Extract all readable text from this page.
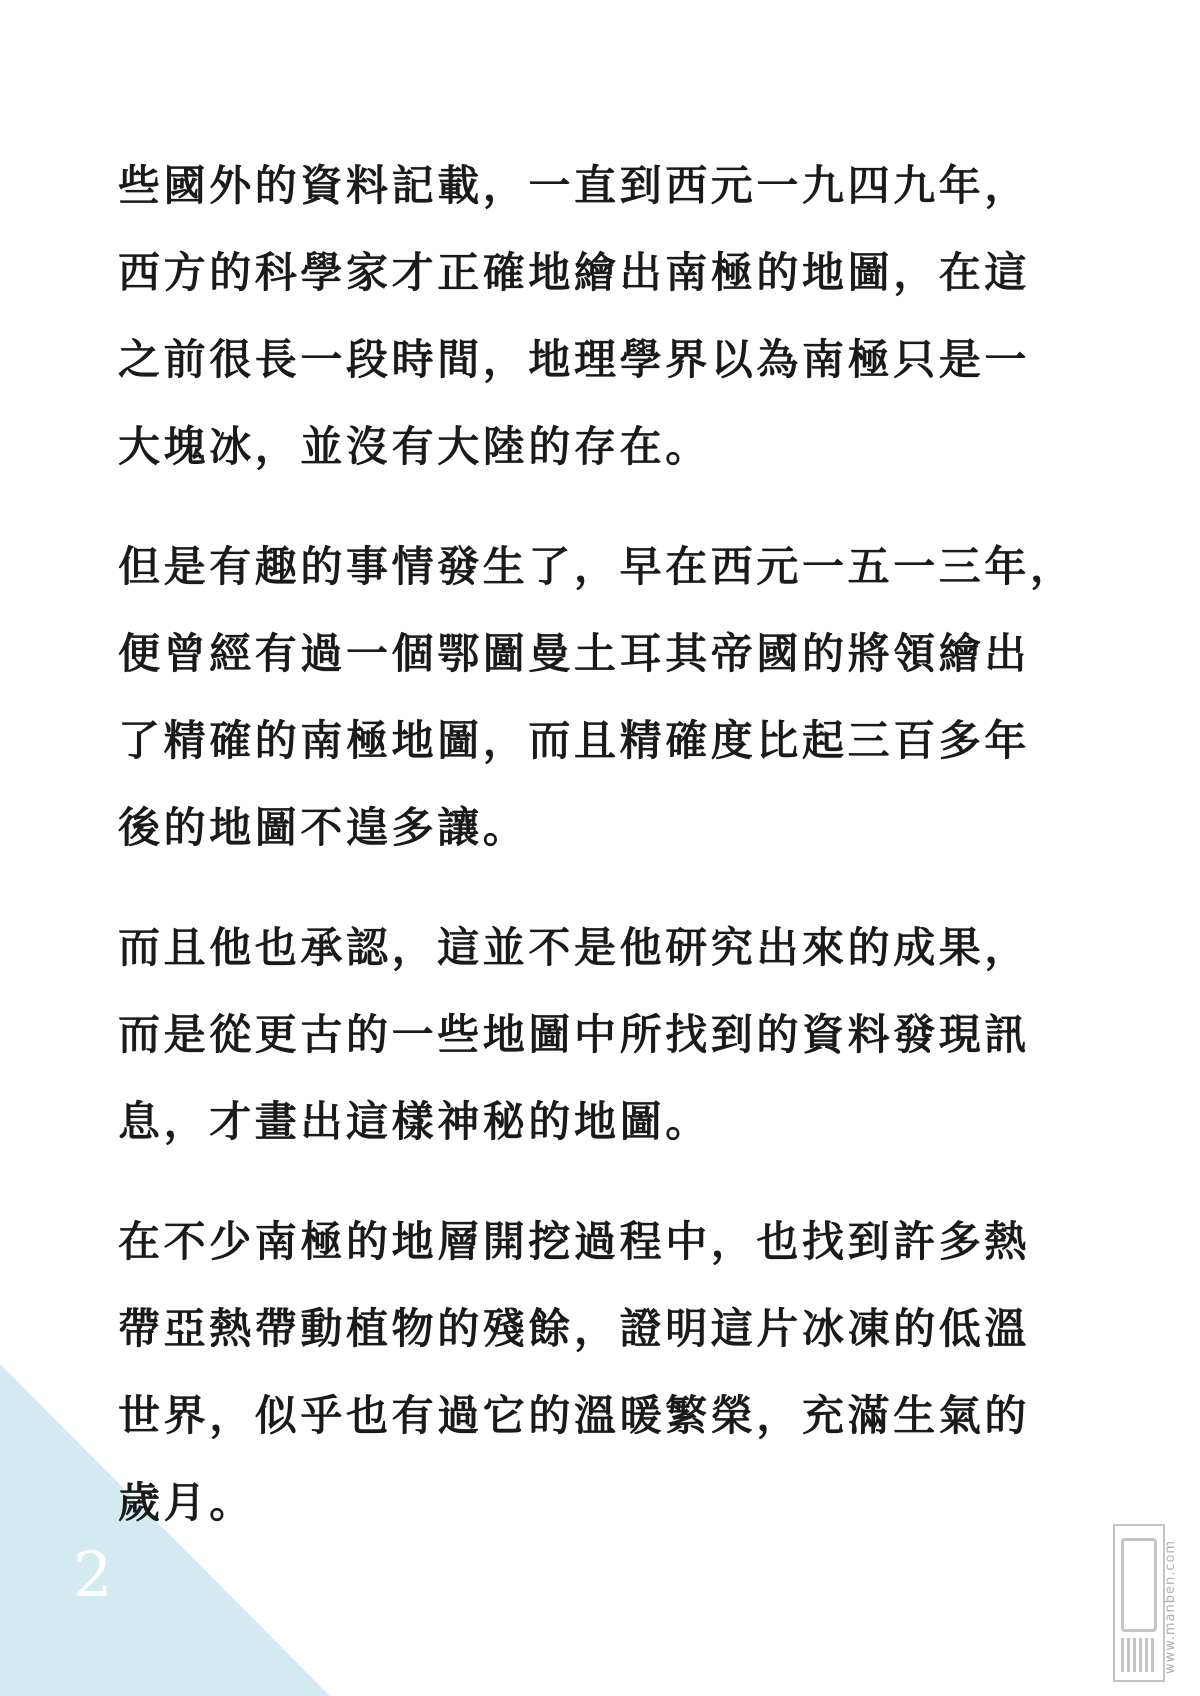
些國外的資料記載，一直到西元一九四九年，
西方的科學家才正確地繪出南極的地圖，在這
之前很長一段時間，地理學界以為南極只是一
大塊冰，並沒有大陸的存在。
但是有趣的事情發生了，早在西元一五一三年，
便曾經有過一個鄂圖曼土耳其帝國的將領繪出
了精確的南極地圖，而且精確度比起三百多年
後的地圖不遑多讓。
而且他也承認，這並不是他研究出來的成果，
而是從更古的一些地圖中所找到的資料發現訊
息，才畫出這樣神秘的地圖。
在不少南極的地層開挖過程中，也找到許多熱
帶亞熱帶動植物的殘餘，證明這片冰凍的低溫
世界，似乎也有過它的溫暖繁榮，充滿生氣的
歲月。
2	www.manben.com
